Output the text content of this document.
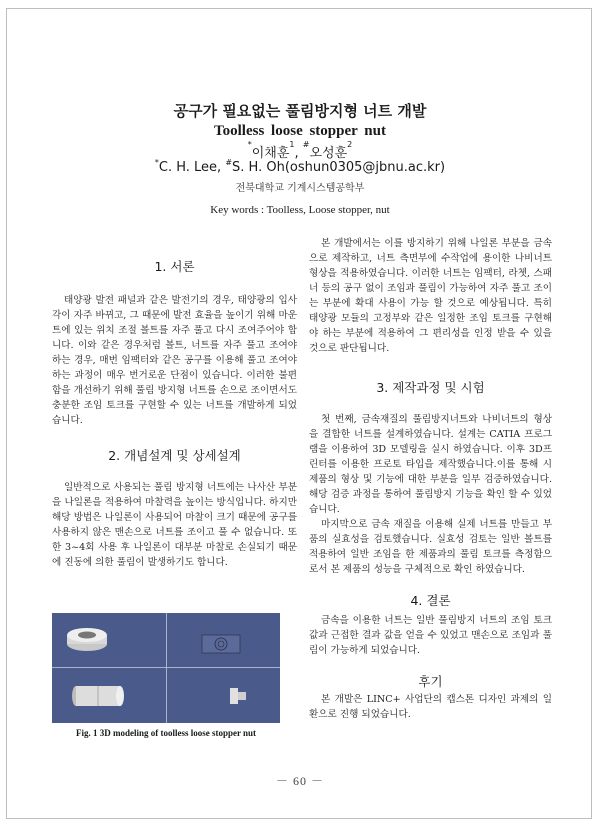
공구가 필요없는 풀림방지형 너트 개발
Toolless loose stopper nut
*이채훈$^1$, #오성훈$^2$
*C. H. Lee, #S. H. Oh(oshun0305@jbnu.ac.kr)
전북대학교 기계시스템공학부
Key words : Toolless, Loose stopper, nut
1. 서론

태양광 발전 패널과 같은 발전기의 경우, 태양광의 입사각이 자주 바뀌고, 그 때문에 발전 효율을 높이기 위해 마운트에 있는 위치 조절 볼트를 자주 풀고 다시 조여주어야 합니다. 이와 같은 경우처럼 볼트, 너트를 자주 풀고 조여야 하는 경우, 매번 임팩터와 같은 공구를 이용해 풀고 조여야 하는 과정이 매우 번거로운 단점이 있습니다. 이러한 불편함을 개선하기 위해 풀림 방지형 너트를 손으로 조이면서도 충분한 조임 토크를 구현할 수 있는 너트를 개발하게 되었습니다.

2. 개념설계 및 상세설계

일반적으로 사용되는 풀림 방지형 너트에는 나사산 부분을 나일론을 적용하여 마찰력을 높이는 방식입니다. 하지만 해당 방법은 나일론이 사용되어 마찰이 크기 때문에 공구를 사용하지 않은 맨손으로 너트를 조이고 풀 수 없습니다. 또한 3~4회 사용 후 나일론이 대부분 마찰로 손실되기 때문에 진동에 의한 풀림이 발생하기도 합니다.

Fig. 1 3D modeling of toolless loose stopper nut

본 개발에서는 이를 방지하기 위해 나일론 부분을 금속으로 제작하고, 너트 측면부에 수작업에 용이한 나비너트 형상을 적용하였습니다. 이러한 너트는 임팩터, 라쳇, 스패너 등의 공구 없이 조임과 풀림이 가능하여 자주 풀고 조이는 부분에 확대 사용이 가능 할 것으로 예상됩니다. 특히 태양광 모듈의 고정부와 같은 일정한 조임 토크를 구현해야 하는 부분에 적용하여 그 편리성을 인정 받을 수 있을 것으로 판단됩니다.

3. 제작과정 및 시험

첫 번째, 금속재질의 풀림방지너트와 나비너트의 형상을 결합한 너트를 설계하였습니다. 설계는 CATIA 프로그램을 이용하여 3D 모델링을 실시 하였습니다. 이후 3D프린터를 이용한 프로토 타입을 제작했습니다.이를 통해 시제품의 형상 및 기능에 대한 부분을 일부 검증하였습니다. 해당 검증 과정을 통하여 풀림방지 기능을 확인 할 수 있었습니다.

마지막으로 금속 재질을 이용해 실제 너트를 만들고 부품의 실효성을 검토했습니다. 실효성 검토는 일반 볼트를 적용하여 일반 조임을 한 제품과의 풀림 토크를 측정함으로서 본 제품의 성능을 구체적으로 확인 하였습니다.

4. 결론

금속을 이용한 너트는 일반 풀림방지 너트의 조임 토크 값과 근접한 결과 값을 얻을 수 있었고 맨손으로 조임과 풀림이 가능하게 되었습니다.

후기

본 개발은 LINC+ 사업단의 캡스톤 디자인 과제의 일환으로 진행 되었습니다.

－ 60 －
